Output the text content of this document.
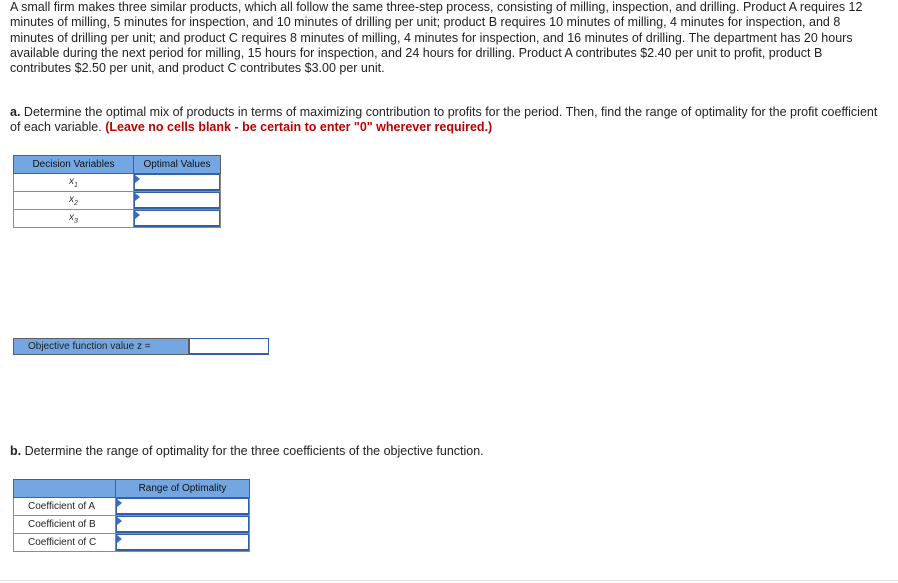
A small firm makes three similar products, which all follow the same three-step process, consisting of milling, inspection, and drilling. Product A requires 12 minutes of milling, 5 minutes for inspection, and 10 minutes of drilling per unit; product B requires 10 minutes of milling, 4 minutes for inspection, and 8 minutes of drilling per unit; and product C requires 8 minutes of milling, 4 minutes for inspection, and 16 minutes of drilling. The department has 20 hours available during the next period for milling, 15 hours for inspection, and 24 hours for drilling. Product A contributes $2.40 per unit to profit, product B contributes $2.50 per unit, and product C contributes $3.00 per unit.

a. Determine the optimal mix of products in terms of maximizing contribution to profits for the period. Then, find the range of optimality for the profit coefficient of each variable. (Leave no cells blank - be certain to enter "0" wherever required.)

Decision Variables	Optimal Values
$x_1$	

$x_2$	

$x_3$	
Objective function value z =

b. Determine the range of optimality for the three coefficients of the objective function.

	Range of Optimality
Coefficient of A	

Coefficient of B	

Coefficient of C	
